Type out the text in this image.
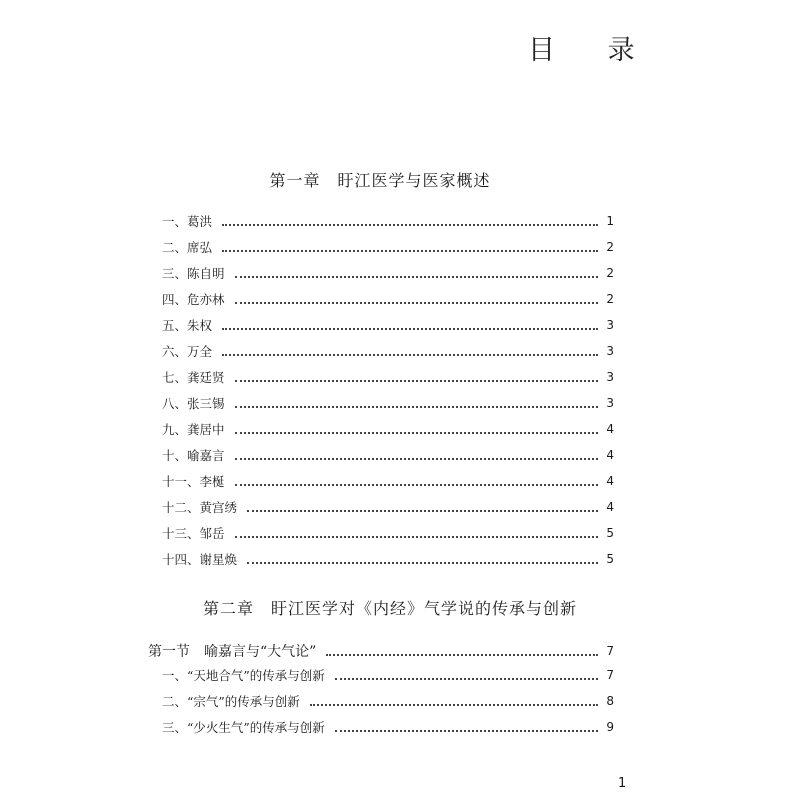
目 录
第一章　盱江医学与医家概述
一、葛洪	1
二、席弘	2
三、陈自明	2
四、危亦林	2
五、朱权	3
六、万全	3
七、龚廷贤	3
八、张三锡	3
九、龚居中	4
十、喻嘉言	4
十一、李梴	4
十二、黄宫绣	4
十三、邹岳	5
十四、谢星焕	5
第二章　盱江医学对《内经》气学说的传承与创新
第一节　喻嘉言与“大气论”	7
一、“天地合气”的传承与创新	7
二、“宗气”的传承与创新	8
三、“少火生气”的传承与创新	9
1
